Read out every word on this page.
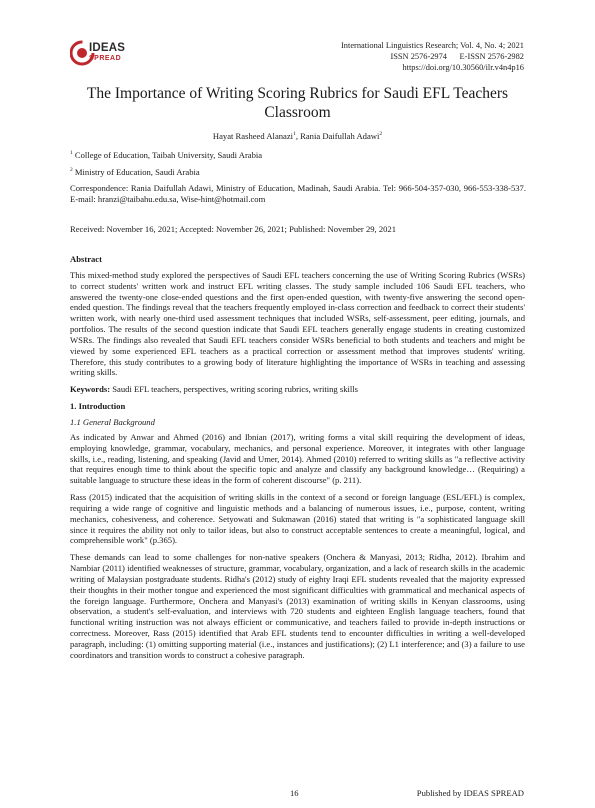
IDEAS
SPREAD
International Linguistics Research; Vol. 4, No. 4; 2021
ISSN 2576-2974      E-ISSN 2576-2982
https://doi.org/10.30560/ilr.v4n4p16
The Importance of Writing Scoring Rubrics for Saudi EFL Teachers Classroom
Hayat Rasheed Alanazi$^1$, Rania Daifullah Adawi$^2$
$^1$ College of Education, Taibah University, Saudi Arabia
$^2$ Ministry of Education, Saudi Arabia
Correspondence: Rania Daifullah Adawi, Ministry of Education, Madinah, Saudi Arabia. Tel: 966-504-357-030, 966-553-338-537. E-mail: hranzi@taibahu.edu.sa, Wise-hint@hotmail.com
Received: November 16, 2021; Accepted: November 26, 2021; Published: November 29, 2021

Abstract

This mixed-method study explored the perspectives of Saudi EFL teachers concerning the use of Writing Scoring Rubrics (WSRs) to correct students' written work and instruct EFL writing classes. The study sample included 106 Saudi EFL teachers, who answered the twenty-one close-ended questions and the first open-ended question, with twenty-five answering the second open-ended question. The findings reveal that the teachers frequently employed in-class correction and feedback to correct their students' written work, with nearly one-third used assessment techniques that included WSRs, self-assessment, peer editing, journals, and portfolios. The results of the second question indicate that Saudi EFL teachers generally engage students in creating customized WSRs. The findings also revealed that Saudi EFL teachers consider WSRs beneficial to both students and teachers and might be viewed by some experienced EFL teachers as a practical correction or assessment method that improves students' writing. Therefore, this study contributes to a growing body of literature highlighting the importance of WSRs in teaching and assessing writing skills.

Keywords: Saudi EFL teachers, perspectives, writing scoring rubrics, writing skills

1. Introduction

1.1 General Background

As indicated by Anwar and Ahmed (2016) and Ibnian (2017), writing forms a vital skill requiring the development of ideas, employing knowledge, grammar, vocabulary, mechanics, and personal experience. Moreover, it integrates with other language skills, i.e., reading, listening, and speaking (Javid and Umer, 2014). Ahmed (2010) referred to writing skills as "a reflective activity that requires enough time to think about the specific topic and analyze and classify any background knowledge… (Requiring) a suitable language to structure these ideas in the form of coherent discourse" (p. 211).

Rass (2015) indicated that the acquisition of writing skills in the context of a second or foreign language (ESL/EFL) is complex, requiring a wide range of cognitive and linguistic methods and a balancing of numerous issues, i.e., purpose, content, writing mechanics, cohesiveness, and coherence. Setyowati and Sukmawan (2016) stated that writing is "a sophisticated language skill since it requires the ability not only to tailor ideas, but also to construct acceptable sentences to create a meaningful, logical, and comprehensible work" (p.365).

These demands can lead to some challenges for non-native speakers (Onchera & Manyasi, 2013; Ridha, 2012). Ibrahim and Nambiar (2011) identified weaknesses of structure, grammar, vocabulary, organization, and a lack of research skills in the academic writing of Malaysian postgraduate students. Ridha's (2012) study of eighty Iraqi EFL students revealed that the majority expressed their thoughts in their mother tongue and experienced the most significant difficulties with grammatical and mechanical aspects of the foreign language. Furthermore, Onchera and Manyasi's (2013) examination of writing skills in Kenyan classrooms, using observation, a student's self-evaluation, and interviews with 720 students and eighteen English language teachers, found that functional writing instruction was not always efficient or communicative, and teachers failed to provide in-depth instructions or correctness. Moreover, Rass (2015) identified that Arab EFL students tend to encounter difficulties in writing a well-developed paragraph, including: (1) omitting supporting material (i.e., instances and justifications); (2) L1 interference; and (3) a failure to use coordinators and transition words to construct a cohesive paragraph.

16	Published by IDEAS SPREAD
